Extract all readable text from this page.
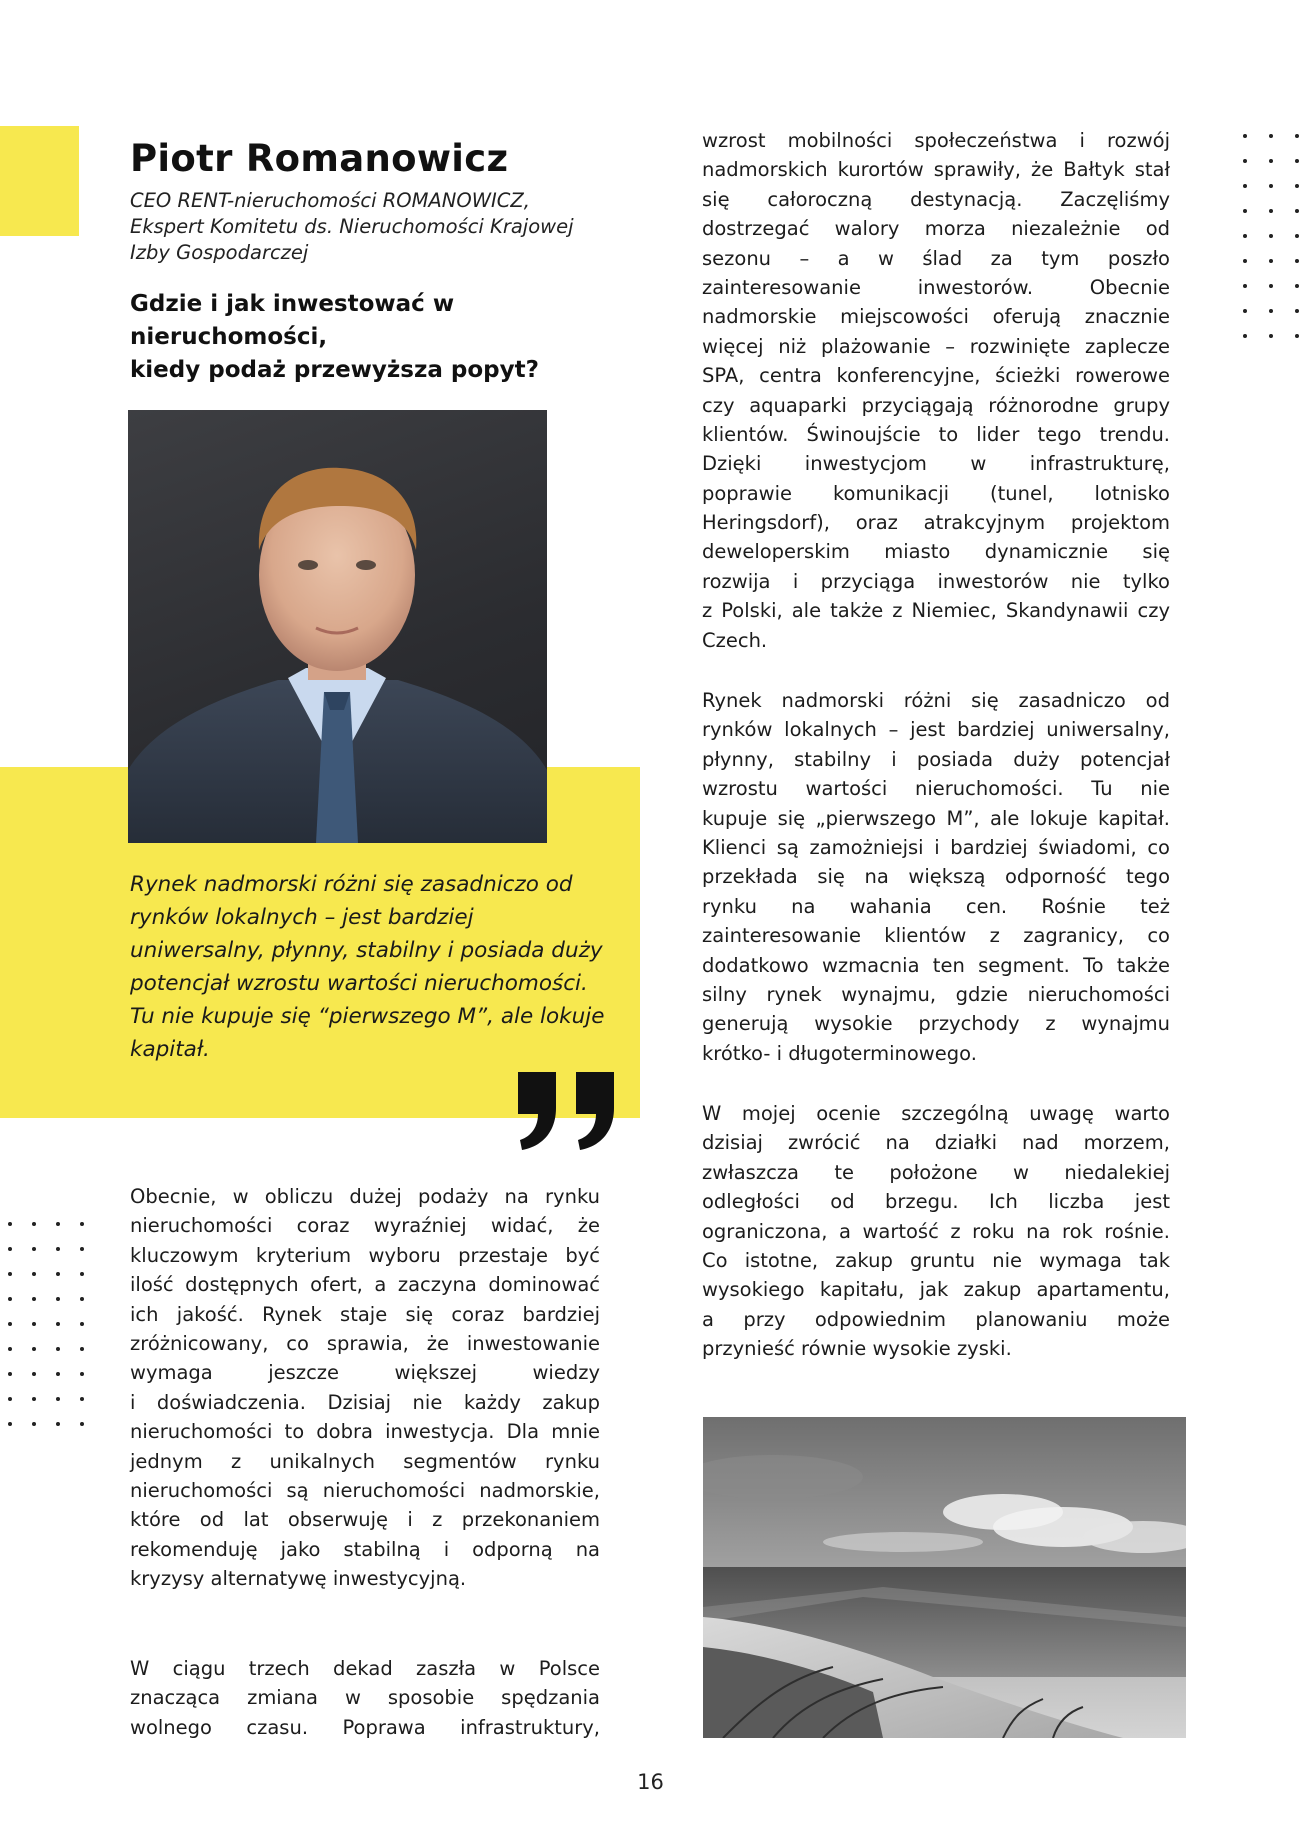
Piotr Romanowicz
CEO RENT-nieruchomości ROMANOWICZ,
Ekspert Komitetu ds. Nieruchomości Krajowej
Izby Gospodarczej
Gdzie i jak inwestować w nieruchomości,
kiedy podaż przewyższa popyt?
Rynek nadmorski różni się zasadniczo od
rynków lokalnych – jest bardziej
uniwersalny, płynny, stabilny i posiada duży
potencjał wzrostu wartości nieruchomości.
Tu nie kupuje się “pierwszego M”, ale lokuje
kapitał.
Obecnie, w obliczu dużej podaży na rynku
nieruchomości coraz wyraźniej widać, że
kluczowym kryterium wyboru przestaje być
ilość dostępnych ofert, a zaczyna dominować
ich jakość. Rynek staje się coraz bardziej
zróżnicowany, co sprawia, że inwestowanie
wymaga jeszcze większej wiedzy
i doświadczenia. Dzisiaj nie każdy zakup
nieruchomości to dobra inwestycja. Dla mnie
jednym z unikalnych segmentów rynku
nieruchomości są nieruchomości nadmorskie,
które od lat obserwuję i z przekonaniem
rekomenduję jako stabilną i odporną na
kryzysy alternatywę inwestycyjną.
W ciągu trzech dekad zaszła w Polsce
znacząca zmiana w sposobie spędzania
wolnego czasu. Poprawa infrastruktury,
wzrost mobilności społeczeństwa i rozwój
nadmorskich kurortów sprawiły, że Bałtyk stał
się całoroczną destynacją. Zaczęliśmy
dostrzegać walory morza niezależnie od
sezonu – a w ślad za tym poszło
zainteresowanie inwestorów. Obecnie
nadmorskie miejscowości oferują znacznie
więcej niż plażowanie – rozwinięte zaplecze
SPA, centra konferencyjne, ścieżki rowerowe
czy aquaparki przyciągają różnorodne grupy
klientów. Świnoujście to lider tego trendu.
Dzięki inwestycjom w infrastrukturę,
poprawie komunikacji (tunel, lotnisko
Heringsdorf), oraz atrakcyjnym projektom
deweloperskim miasto dynamicznie się
rozwija i przyciąga inwestorów nie tylko
z Polski, ale także z Niemiec, Skandynawii czy
Czech.
Rynek nadmorski różni się zasadniczo od
rynków lokalnych – jest bardziej uniwersalny,
płynny, stabilny i posiada duży potencjał
wzrostu wartości nieruchomości. Tu nie
kupuje się „pierwszego M”, ale lokuje kapitał.
Klienci są zamożniejsi i bardziej świadomi, co
przekłada się na większą odporność tego
rynku na wahania cen. Rośnie też
zainteresowanie klientów z zagranicy, co
dodatkowo wzmacnia ten segment. To także
silny rynek wynajmu, gdzie nieruchomości
generują wysokie przychody z wynajmu
krótko- i długoterminowego.
W mojej ocenie szczególną uwagę warto
dzisiaj zwrócić na działki nad morzem,
zwłaszcza te położone w niedalekiej
odległości od brzegu. Ich liczba jest
ograniczona, a wartość z roku na rok rośnie.
Co istotne, zakup gruntu nie wymaga tak
wysokiego kapitału, jak zakup apartamentu,
a przy odpowiednim planowaniu może
przynieść równie wysokie zyski.
16
